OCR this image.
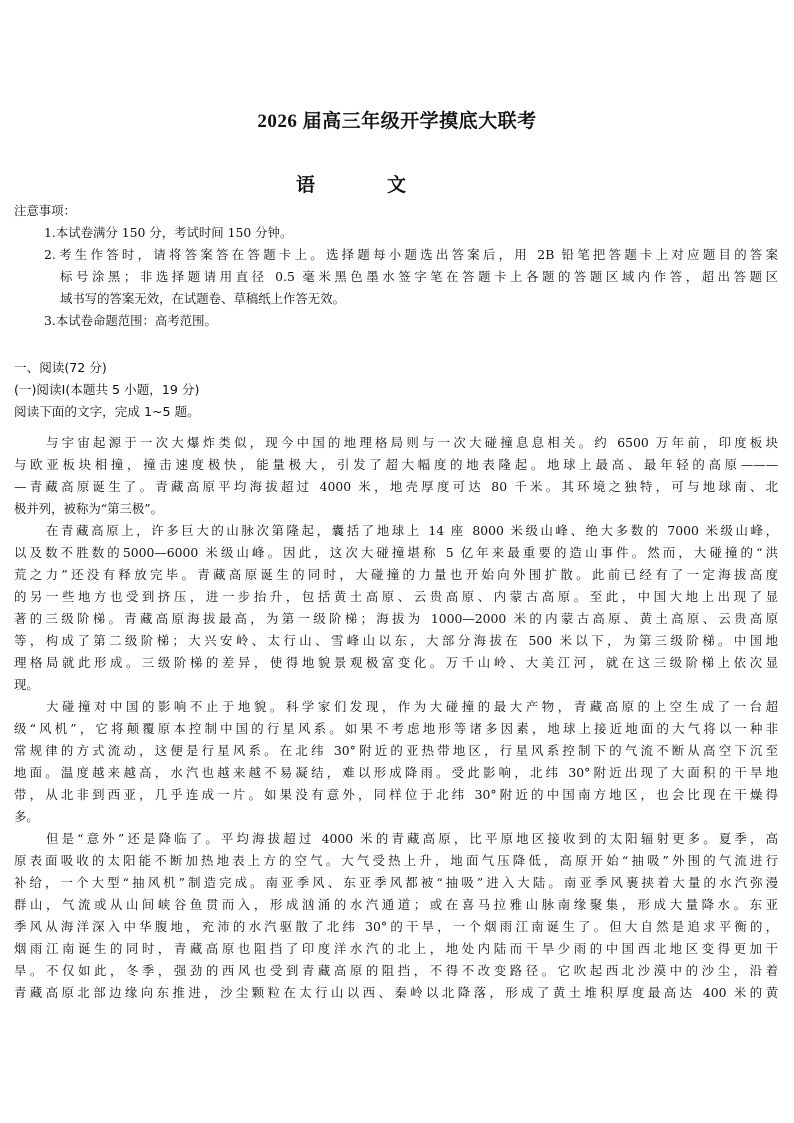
2026 届高三年级开学摸底大联考
语	文
注意事项：
1.本试卷满分 150 分，考试时间 150 分钟。
2.考生作答时，请将答案答在答题卡上。选择题每小题选出答案后，用 2B 铅笔把答题卡上对应题目的答案
标号涂黑；非选择题请用直径 0.5 毫米黑色墨水签字笔在答题卡上各题的答题区域内作答，超出答题区
域书写的答案无效，在试题卷、草稿纸上作答无效。
3.本试卷命题范围：高考范围。
一、阅读(72 分)
(一)阅读Ⅰ(本题共 5 小题，19 分)
阅读下面的文字，完成 1~5 题。
与宇宙起源于一次大爆炸类似，现今中国的地理格局则与一次大碰撞息息相关。约 6500 万年前，印度板块
与欧亚板块相撞，撞击速度极快，能量极大，引发了超大幅度的地表隆起。地球上最高、最年轻的高原———
—青藏高原诞生了。青藏高原平均海拔超过 4000 米，地壳厚度可达 80 千米。其环境之独特，可与地球南、北
极并列，被称为“第三极”。
在青藏高原上，许多巨大的山脉次第隆起，囊括了地球上 14 座 8000 米级山峰、绝大多数的 7000 米级山峰，
以及数不胜数的5000—6000 米级山峰。因此，这次大碰撞堪称 5 亿年来最重要的造山事件。然而，大碰撞的“洪
荒之力”还没有释放完毕。青藏高原诞生的同时，大碰撞的力量也开始向外围扩散。此前已经有了一定海拔高度
的另一些地方也受到挤压，进一步抬升，包括黄土高原、云贵高原、内蒙古高原。至此，中国大地上出现了显
著的三级阶梯。青藏高原海拔最高，为第一级阶梯；海拔为 1000—2000 米的内蒙古高原、黄土高原、云贵高原
等，构成了第二级阶梯；大兴安岭、太行山、雪峰山以东，大部分海拔在 500 米以下，为第三级阶梯。中国地
理格局就此形成。三级阶梯的差异，使得地貌景观极富变化。万千山岭、大美江河，就在这三级阶梯上依次显
现。
大碰撞对中国的影响不止于地貌。科学家们发现，作为大碰撞的最大产物，青藏高原的上空生成了一台超
级“风机”，它将颠覆原本控制中国的行星风系。如果不考虑地形等诸多因素，地球上接近地面的大气将以一种非
常规律的方式流动，这便是行星风系。在北纬 30°附近的亚热带地区，行星风系控制下的气流不断从高空下沉至
地面。温度越来越高，水汽也越来越不易凝结，难以形成降雨。受此影响，北纬 30°附近出现了大面积的干旱地
带，从北非到西亚，几乎连成一片。如果没有意外，同样位于北纬 30°附近的中国南方地区，也会比现在干燥得
多。
但是“意外”还是降临了。平均海拔超过 4000 米的青藏高原，比平原地区接收到的太阳辐射更多。夏季，高
原表面吸收的太阳能不断加热地表上方的空气。大气受热上升，地面气压降低，高原开始“抽吸”外围的气流进行
补给，一个大型“抽风机”制造完成。南亚季风、东亚季风都被“抽吸”进入大陆。南亚季风裹挟着大量的水汽弥漫
群山，气流或从山间峡谷鱼贯而入，形成汹涌的水汽通道；或在喜马拉雅山脉南缘聚集，形成大量降水。东亚
季风从海洋深入中华腹地，充沛的水汽驱散了北纬 30°的干旱，一个烟雨江南诞生了。但大自然是追求平衡的，
烟雨江南诞生的同时，青藏高原也阻挡了印度洋水汽的北上，地处内陆而干旱少雨的中国西北地区变得更加干
旱。不仅如此，冬季，强劲的西风也受到青藏高原的阻挡，不得不改变路径。它吹起西北沙漠中的沙尘，沿着
青藏高原北部边缘向东推进，沙尘颗粒在太行山以西、秦岭以北降落，形成了黄土堆积厚度最高达 400 米的黄
